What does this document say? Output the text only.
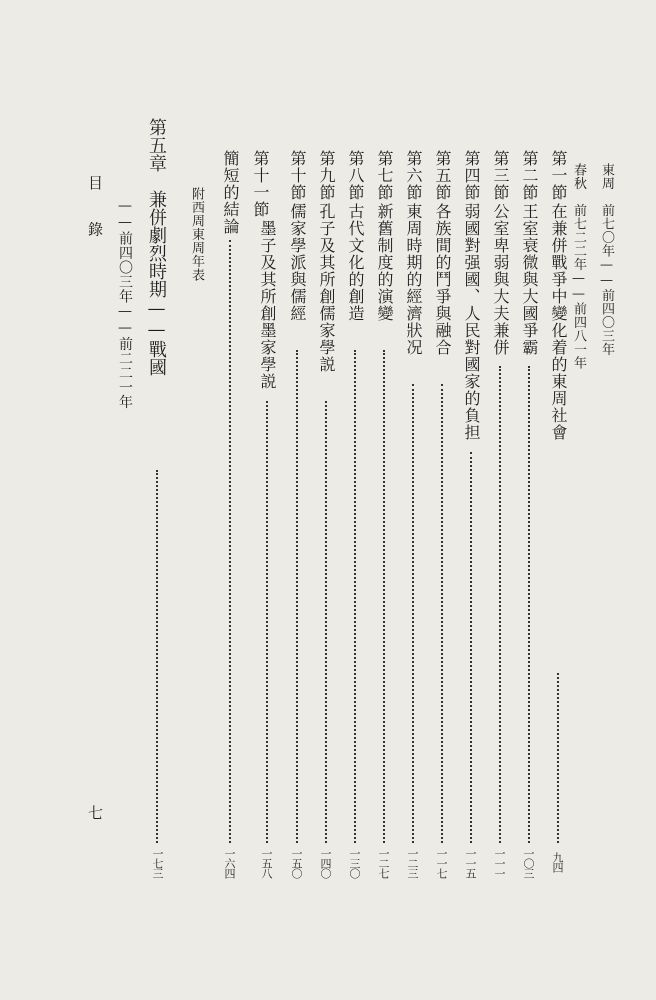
東周　前七〇年——前四〇三年
春秋　前七二二年——前四八一年
第一節
在兼併戰爭中變化着的東周社會
九四
第二節
王室衰微與大國爭霸
一〇三
第三節
公室卑弱與大夫兼併
一一一
第四節
弱國對强國、人民對國家的負担
一一五
第五節
各族間的鬥爭與融合
一一七
第六節
東周時期的經濟狀况
一二三
第七節
新舊制度的演變
一二七
第八節
古代文化的創造
一三〇
第九節
孔子及其所創儒家學説
一四〇
第十節
儒家學派與儒經
一五〇
第十一節
墨子及其所創墨家學説
一五八
簡短的結論
一六四
附西周東周年表
第五章　兼併劇烈時期——戰國
一七三
——前四〇三年——前二二一年
目　　錄
七
